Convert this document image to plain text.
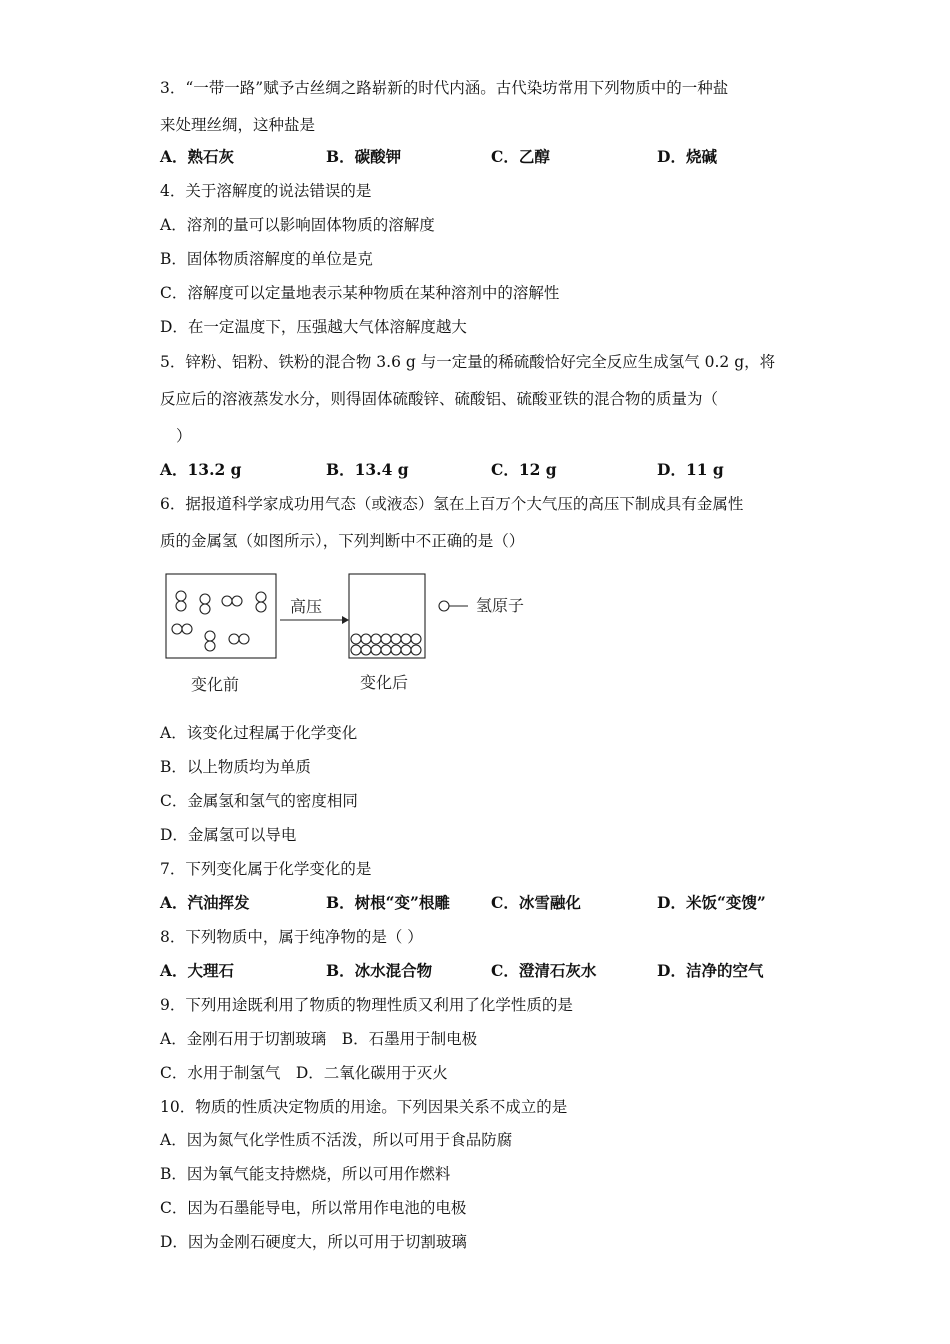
3．“一带一路”赋予古丝绸之路崭新的时代内涵。古代染坊常用下列物质中的一种盐
来处理丝绸，这种盐是
A．熟石灰	B．碳酸钾	C．乙醇	D．烧碱
4．关于溶解度的说法错误的是
A．溶剂的量可以影响固体物质的溶解度
B．固体物质溶解度的单位是克
C．溶解度可以定量地表示某种物质在某种溶剂中的溶解性
D．在一定温度下，压强越大气体溶解度越大
5．锌粉、铝粉、铁粉的混合物 3.6 g 与一定量的稀硫酸恰好完全反应生成氢气 0.2 g，将
反应后的溶液蒸发水分，则得固体硫酸锌、硫酸铝、硫酸亚铁的混合物的质量为（
）
A．13.2 g	B．13.4 g	C．12 g	D．11 g
6．据报道科学家成功用气态（或液态）氢在上百万个大气压的高压下制成具有金属性
质的金属氢（如图所示），下列判断中不正确的是（）
高压	氢原子
变化前	变化后
A．该变化过程属于化学变化
B．以上物质均为单质
C．金属氢和氢气的密度相同
D．金属氢可以导电
7．下列变化属于化学变化的是
A．汽油挥发	B．树根“变”根雕	C．冰雪融化	D．米饭“变馊”
8．下列物质中，属于纯净物的是（ ）
A．大理石	B．冰水混合物	C．澄清石灰水	D．洁净的空气
9．下列用途既利用了物质的物理性质又利用了化学性质的是
A．金刚石用于切割玻璃　B．石墨用于制电极
C．水用于制氢气　D．二氧化碳用于灭火
10．物质的性质决定物质的用途。下列因果关系不成立的是
A．因为氮气化学性质不活泼，所以可用于食品防腐
B．因为氧气能支持燃烧，所以可用作燃料
C．因为石墨能导电，所以常用作电池的电极
D．因为金刚石硬度大，所以可用于切割玻璃
